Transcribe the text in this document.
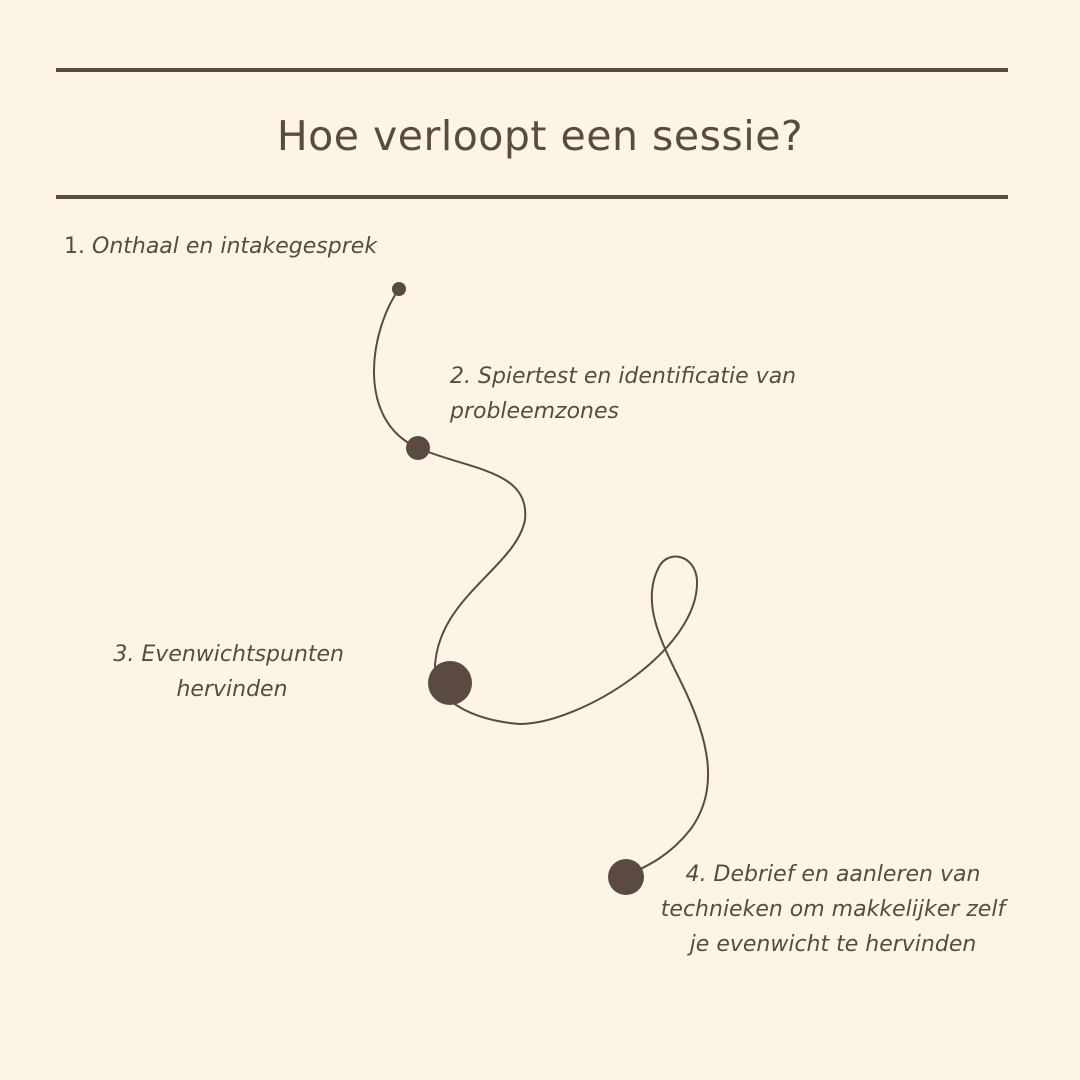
Hoe verloopt een sessie?
1. Onthaal en intakegesprek
2. Spiertest en identificatie van
probleemzones
3. Evenwichtspunten
hervinden
4. Debrief en aanleren van
technieken om makkelijker zelf
je evenwicht te hervinden
